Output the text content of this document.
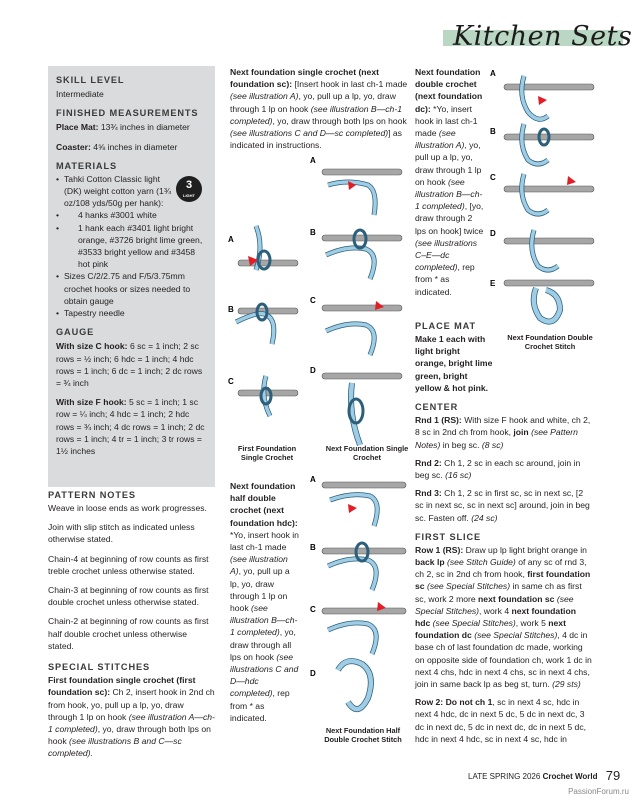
Kitchen Sets
SKILL LEVEL

Intermediate

FINISHED MEASUREMENTS

Place Mat: 13¾ inches in diameter

Coaster: 4⅝ inches in diameter

MATERIALS
• Tahki Cotton Classic light (DK) weight cotton yarn (1¾ oz/108 yds/50g per hank):
• 4 hanks #3001 white
• 1 hank each #3401 light bright orange, #3726 bright lime green, #3533 bright yellow and #3458 hot pink
• Sizes C/2/2.75 and F/5/3.75mm crochet hooks or sizes needed to obtain gauge
• Tapestry needle
GAUGE

With size C hook: 6 sc = 1 inch; 2 sc rows = ½ inch; 6 hdc = 1 inch; 4 hdc rows = 1 inch; 6 dc = 1 inch; 2 dc rows = ¾ inch

With size F hook: 5 sc = 1 inch; 1 sc row = ¼ inch; 4 hdc = 1 inch; 2 hdc rows = ¾ inch; 4 dc rows = 1 inch; 2 dc rows = 1 inch; 4 tr = 1 inch; 3 tr rows = 1½ inches

3
LIGHT
PATTERN NOTES

Weave in loose ends as work progresses.

Join with slip stitch as indicated unless otherwise stated.

Chain-4 at beginning of row counts as first treble crochet unless otherwise stated.

Chain-3 at beginning of row counts as first double crochet unless otherwise stated.

Chain-2 at beginning of row counts as first half double crochet unless otherwise stated.

SPECIAL STITCHES

First foundation single crochet (first foundation sc): Ch 2, insert hook in 2nd ch from hook, yo, pull up a lp, yo, draw through 1 lp on hook (see illustration A—ch-1 completed), yo, draw through both lps on hook (see illustrations B and C—sc completed).

Next foundation single crochet (next foundation sc): [Insert hook in last ch-1 made (see illustration A), yo, pull up a lp, yo, draw through 1 lp on hook (see illustration B—ch-1 completed), yo, draw through both lps on hook (see illustrations C and D—sc completed)] as indicated in instructions.

Next foundation half double crochet (next foundation hdc): *Yo, insert hook in last ch-1 made (see illustration A), yo, pull up a lp, yo, draw through 1 lp on hook (see illustration B—ch-1 completed), yo, draw through all lps on hook (see illustrations C and D—hdc completed), rep from * as indicated.

Next foundation double crochet (next foundation dc): *Yo, insert hook in last ch-1 made (see illustration A), yo, pull up a lp, yo, draw through 1 lp on hook (see illustration B—ch-1 completed), [yo, draw through 2 lps on hook] twice (see illustrations C–E—dc completed), rep from * as indicated.

PLACE MAT

Make 1 each with light bright orange, bright lime green, bright yellow & hot pink.

CENTER

Rnd 1 (RS): With size F hook and white, ch 2, 8 sc in 2nd ch from hook, join (see Pattern Notes) in beg sc. (8 sc)

Rnd 2: Ch 1, 2 sc in each sc around, join in beg sc. (16 sc)

Rnd 3: Ch 1, 2 sc in first sc, sc in next sc, [2 sc in next sc, sc in next sc] around, join in beg sc. Fasten off. (24 sc)

FIRST SLICE

Row 1 (RS): Draw up lp light bright orange in back lp (see Stitch Guide) of any sc of rnd 3, ch 2, sc in 2nd ch from hook, first foundation sc (see Special Stitches) in same ch as first sc, work 2 more next foundation sc (see Special Stitches), work 4 next foundation hdc (see Special Stitches), work 5 next foundation dc (see Special Stitches), 4 dc in base ch of last foundation dc made, working on opposite side of foundation ch, work 1 dc in next 4 chs, hdc in next 4 chs, sc in next 4 chs, join in same back lp as beg st, turn. (29 sts)

Row 2: Do not ch 1, sc in next 4 sc, hdc in next 4 hdc, dc in next 5 dc, 5 dc in next dc, 3 dc in next dc, 5 dc in next dc, dc in next 5 dc, hdc in next 4 hdc, sc in next 4 sc, hdc in

A
B
C
A
B
C
D
First Foundation Single Crochet
Next Foundation Single Crochet
A
B
C
D
Next Foundation Half Double Crochet Stitch
A
B
C
D
E
Next Foundation Double Crochet Stitch
LATE SPRING 2026 Crochet World 79
PassionForum.ru
